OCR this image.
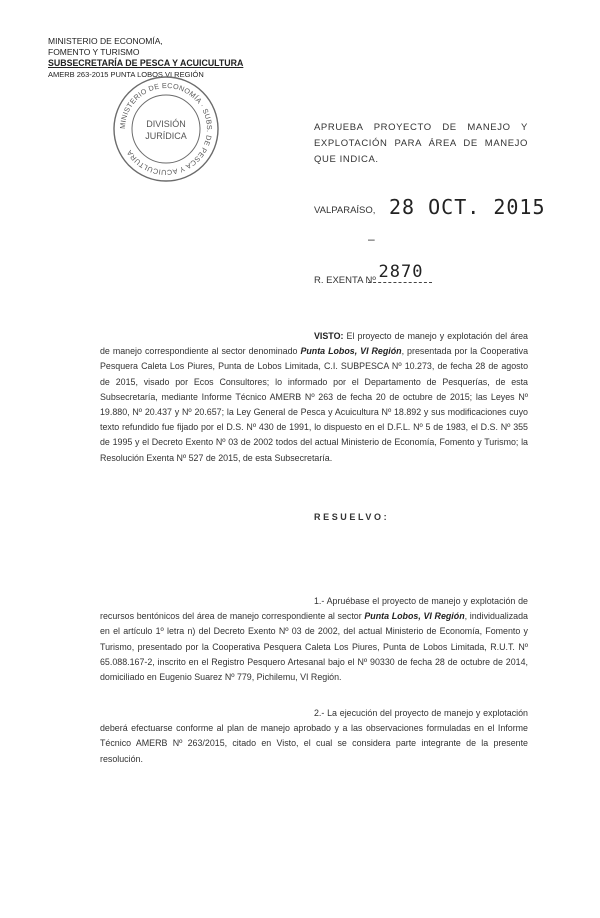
MINISTERIO DE ECONOMÍA,
FOMENTO Y TURISMO
SUBSECRETARÍA DE PESCA Y ACUICULTURA
AMERB 263-2015 PUNTA LOBOS VI REGIÓN
MINISTERIO DE ECONOMÍA · SUBS. DE PESCA Y ACUICULTURA
DIVISIÓN
JURÍDICA
APRUEBA PROYECTO DE MANEJO Y EXPLOTACIÓN PARA ÁREA DE MANEJO QUE INDICA.
VALPARAÍSO, 28 OCT. 2015
–
R. EXENTA Nº 2870
VISTO: El proyecto de manejo y explotación del área de manejo correspondiente al sector denominado Punta Lobos, VI Región, presentada por la Cooperativa Pesquera Caleta Los Piures, Punta de Lobos Limitada, C.I. SUBPESCA Nº 10.273, de fecha 28 de agosto de 2015, visado por Ecos Consultores; lo informado por el Departamento de Pesquerías, de esta Subsecretaría, mediante Informe Técnico AMERB Nº 263 de fecha 20 de octubre de 2015; las Leyes Nº 19.880, Nº 20.437 y Nº 20.657; la Ley General de Pesca y Acuicultura Nº 18.892 y sus modificaciones cuyo texto refundido fue fijado por el D.S. Nº 430 de 1991, lo dispuesto en el D.F.L. Nº 5 de 1983, el D.S. Nº 355 de 1995 y el Decreto Exento Nº 03 de 2002 todos del actual Ministerio de Economía, Fomento y Turismo; la Resolución Exenta Nº 527 de 2015, de esta Subsecretaría.
RESUELVO:
1.- Apruébase el proyecto de manejo y explotación de recursos bentónicos del área de manejo correspondiente al sector Punta Lobos, VI Región, individualizada en el artículo 1º letra n) del Decreto Exento Nº 03 de 2002, del actual Ministerio de Economía, Fomento y Turismo, presentado por la Cooperativa Pesquera Caleta Los Piures, Punta de Lobos Limitada, R.U.T. Nº 65.088.167-2, inscrito en el Registro Pesquero Artesanal bajo el Nº 90330 de fecha 28 de octubre de 2014, domiciliado en Eugenio Suarez Nº 779, Pichilemu, VI Región.
2.- La ejecución del proyecto de manejo y explotación deberá efectuarse conforme al plan de manejo aprobado y a las observaciones formuladas en el Informe Técnico AMERB Nº 263/2015, citado en Visto, el cual se considera parte integrante de la presente resolución.
